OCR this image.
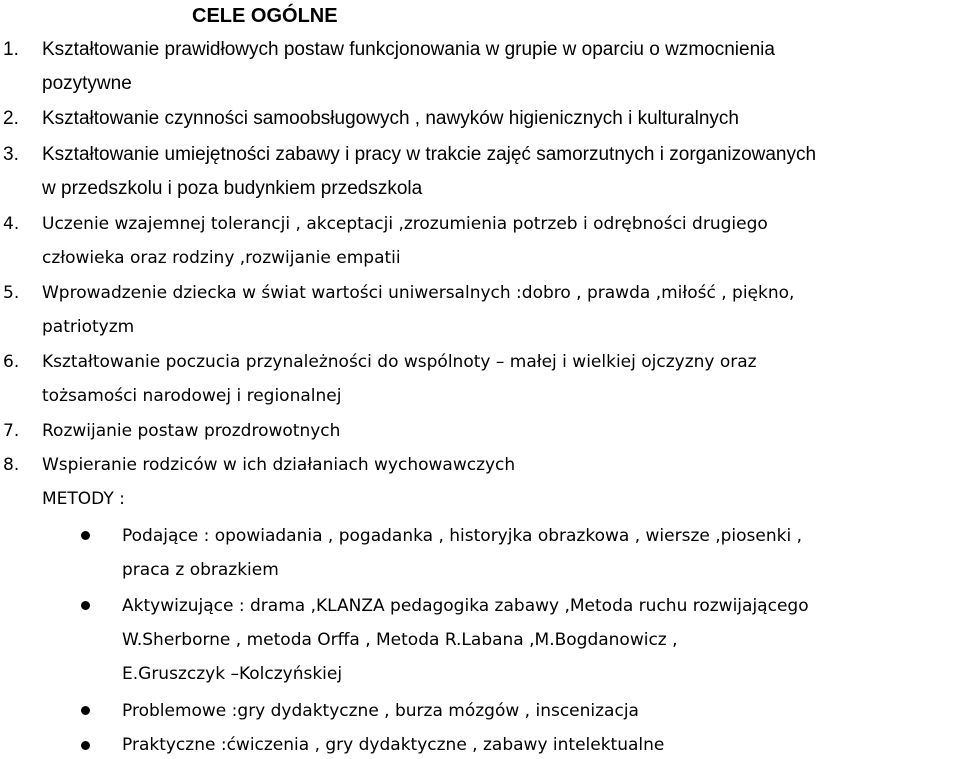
CELE OGÓLNE
1. Kształtowanie prawidłowych postaw funkcjonowania w grupie w oparciu o wzmocnienia
pozytywne
2. Kształtowanie czynności samoobsługowych , nawyków higienicznych i kulturalnych
3. Kształtowanie umiejętności zabawy i pracy w trakcie zajęć samorzutnych i zorganizowanych
w przedszkolu i poza budynkiem przedszkola
4. Uczenie wzajemnej tolerancji , akceptacji ,zrozumienia potrzeb i odrębności drugiego
człowieka oraz rodziny ,rozwijanie empatii
5. Wprowadzenie dziecka w świat wartości uniwersalnych :dobro , prawda ,miłość , piękno,
patriotyzm
6. Kształtowanie poczucia przynależności do wspólnoty – małej i wielkiej ojczyzny oraz
tożsamości narodowej i regionalnej
7. Rozwijanie postaw prozdrowotnych
8. Wspieranie rodziców w ich działaniach wychowawczych
METODY :
Podające : opowiadania , pogadanka , historyjka obrazkowa , wiersze ,piosenki ,
praca z obrazkiem
Aktywizujące : drama ,KLANZA pedagogika zabawy ,Metoda ruchu rozwijającego
W.Sherborne , metoda Orffa , Metoda R.Labana ,M.Bogdanowicz ,
E.Gruszczyk –Kolczyńskiej
Problemowe :gry dydaktyczne , burza mózgów , inscenizacja
Praktyczne :ćwiczenia , gry dydaktyczne , zabawy intelektualne
